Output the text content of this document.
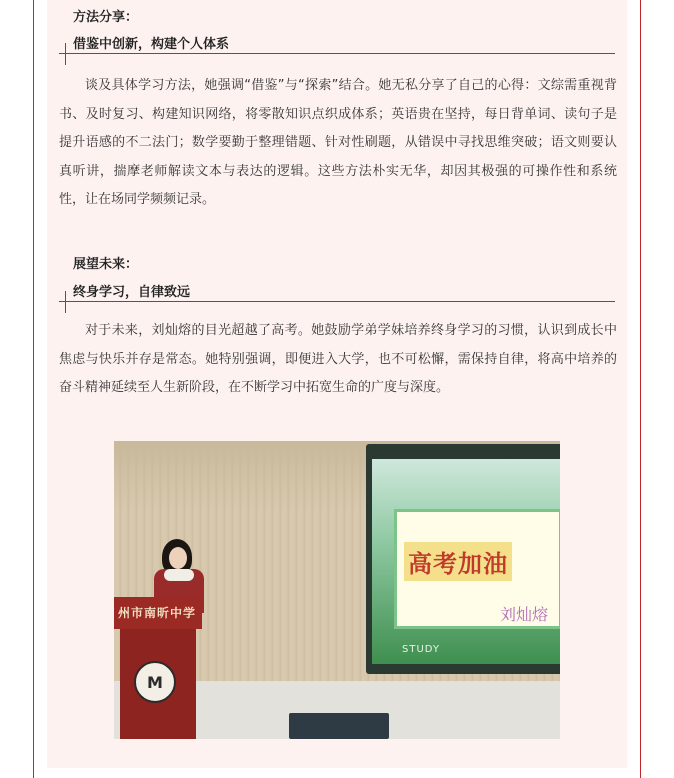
方法分享：
借鉴中创新，构建个人体系

谈及具体学习方法，她强调“借鉴”与“探索”结合。她无私分享了自己的心得：文综需重视背书、及时复习、构建知识网络，将零散知识点织成体系；英语贵在坚持，每日背单词、读句子是提升语感的不二法门；数学要勤于整理错题、针对性刷题，从错误中寻找思维突破；语文则要认真听讲，揣摩老师解读文本与表达的逻辑。这些方法朴实无华，却因其极强的可操作性和系统性，让在场同学频频记录。

展望未来：
终身学习，自律致远

对于未来，刘灿熔的目光超越了高考。她鼓励学弟学妹培养终身学习的习惯，认识到成长中焦虑与快乐并存是常态。她特别强调，即便进入大学，也不可松懈，需保持自律，将高中培养的奋斗精神延续至人生新阶段，在不断学习中拓宽生命的广度与深度。

高考加油
刘灿熔
STUDY
州市南昕中学
M
